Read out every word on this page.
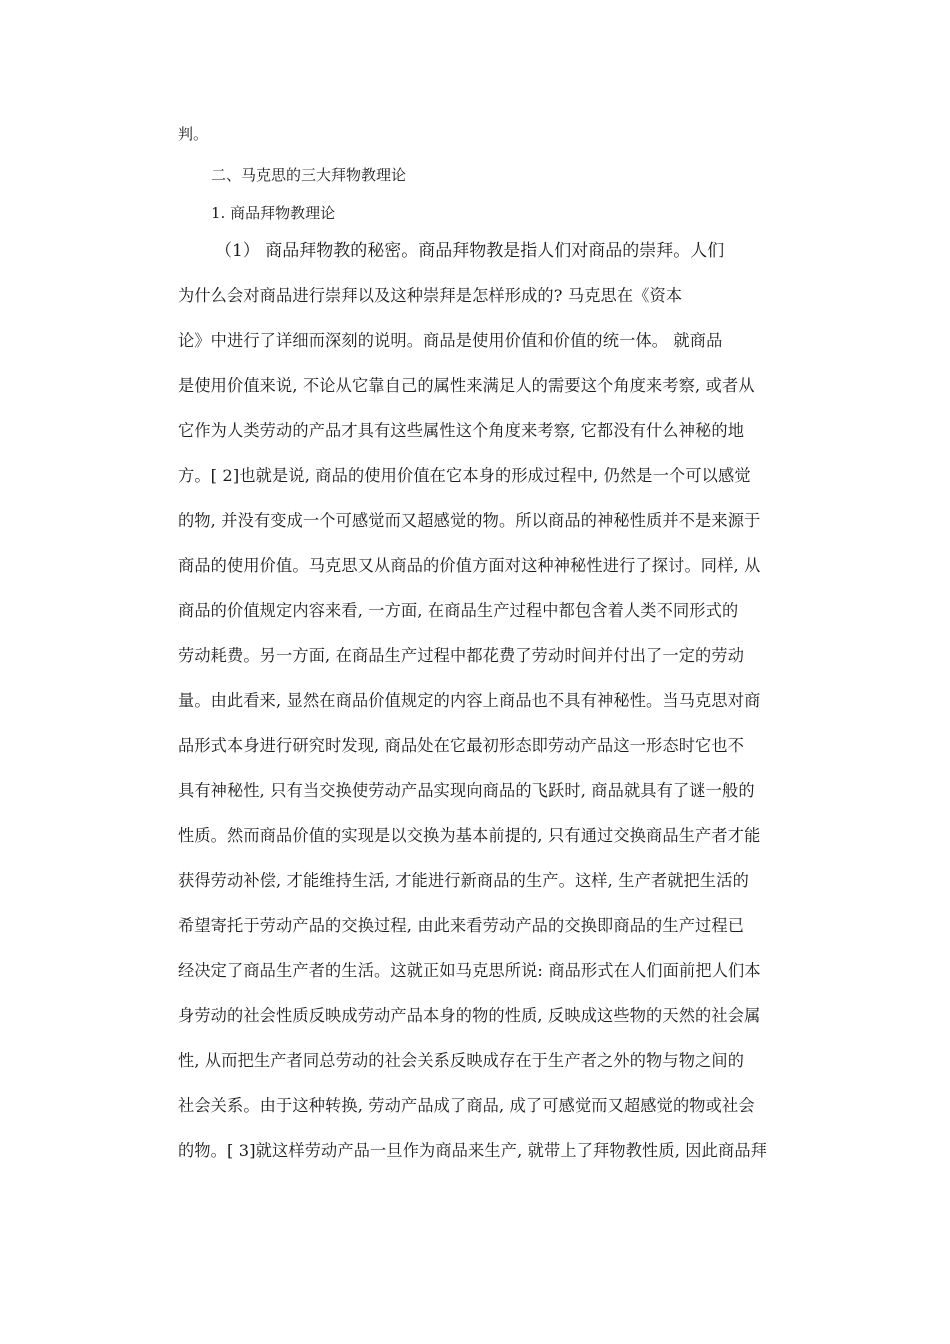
判。
二、马克思的三大拜物教理论
1. 商品拜物教理论
（1） 商品拜物教的秘密。商品拜物教是指人们对商品的崇拜。人们
为什么会对商品进行崇拜以及这种崇拜是怎样形成的? 马克思在《资本
论》中进行了详细而深刻的说明。商品是使用价值和价值的统一体。 就商品
是使用价值来说, 不论从它靠自己的属性来满足人的需要这个角度来考察, 或者从
它作为人类劳动的产品才具有这些属性这个角度来考察, 它都没有什么神秘的地
方。[ 2]也就是说, 商品的使用价值在它本身的形成过程中, 仍然是一个可以感觉
的物, 并没有变成一个可感觉而又超感觉的物。所以商品的神秘性质并不是来源于
商品的使用价值。马克思又从商品的价值方面对这种神秘性进行了探讨。同样, 从
商品的价值规定内容来看, 一方面, 在商品生产过程中都包含着人类不同形式的
劳动耗费。另一方面, 在商品生产过程中都花费了劳动时间并付出了一定的劳动
量。由此看来, 显然在商品价值规定的内容上商品也不具有神秘性。当马克思对商
品形式本身进行研究时发现, 商品处在它最初形态即劳动产品这一形态时它也不
具有神秘性, 只有当交换使劳动产品实现向商品的飞跃时, 商品就具有了谜一般的
性质。然而商品价值的实现是以交换为基本前提的, 只有通过交换商品生产者才能
获得劳动补偿, 才能维持生活, 才能进行新商品的生产。这样, 生产者就把生活的
希望寄托于劳动产品的交换过程, 由此来看劳动产品的交换即商品的生产过程已
经决定了商品生产者的生活。这就正如马克思所说: 商品形式在人们面前把人们本
身劳动的社会性质反映成劳动产品本身的物的性质, 反映成这些物的天然的社会属
性, 从而把生产者同总劳动的社会关系反映成存在于生产者之外的物与物之间的
社会关系。由于这种转换, 劳动产品成了商品, 成了可感觉而又超感觉的物或社会
的物。[ 3]就这样劳动产品一旦作为商品来生产, 就带上了拜物教性质, 因此商品拜
